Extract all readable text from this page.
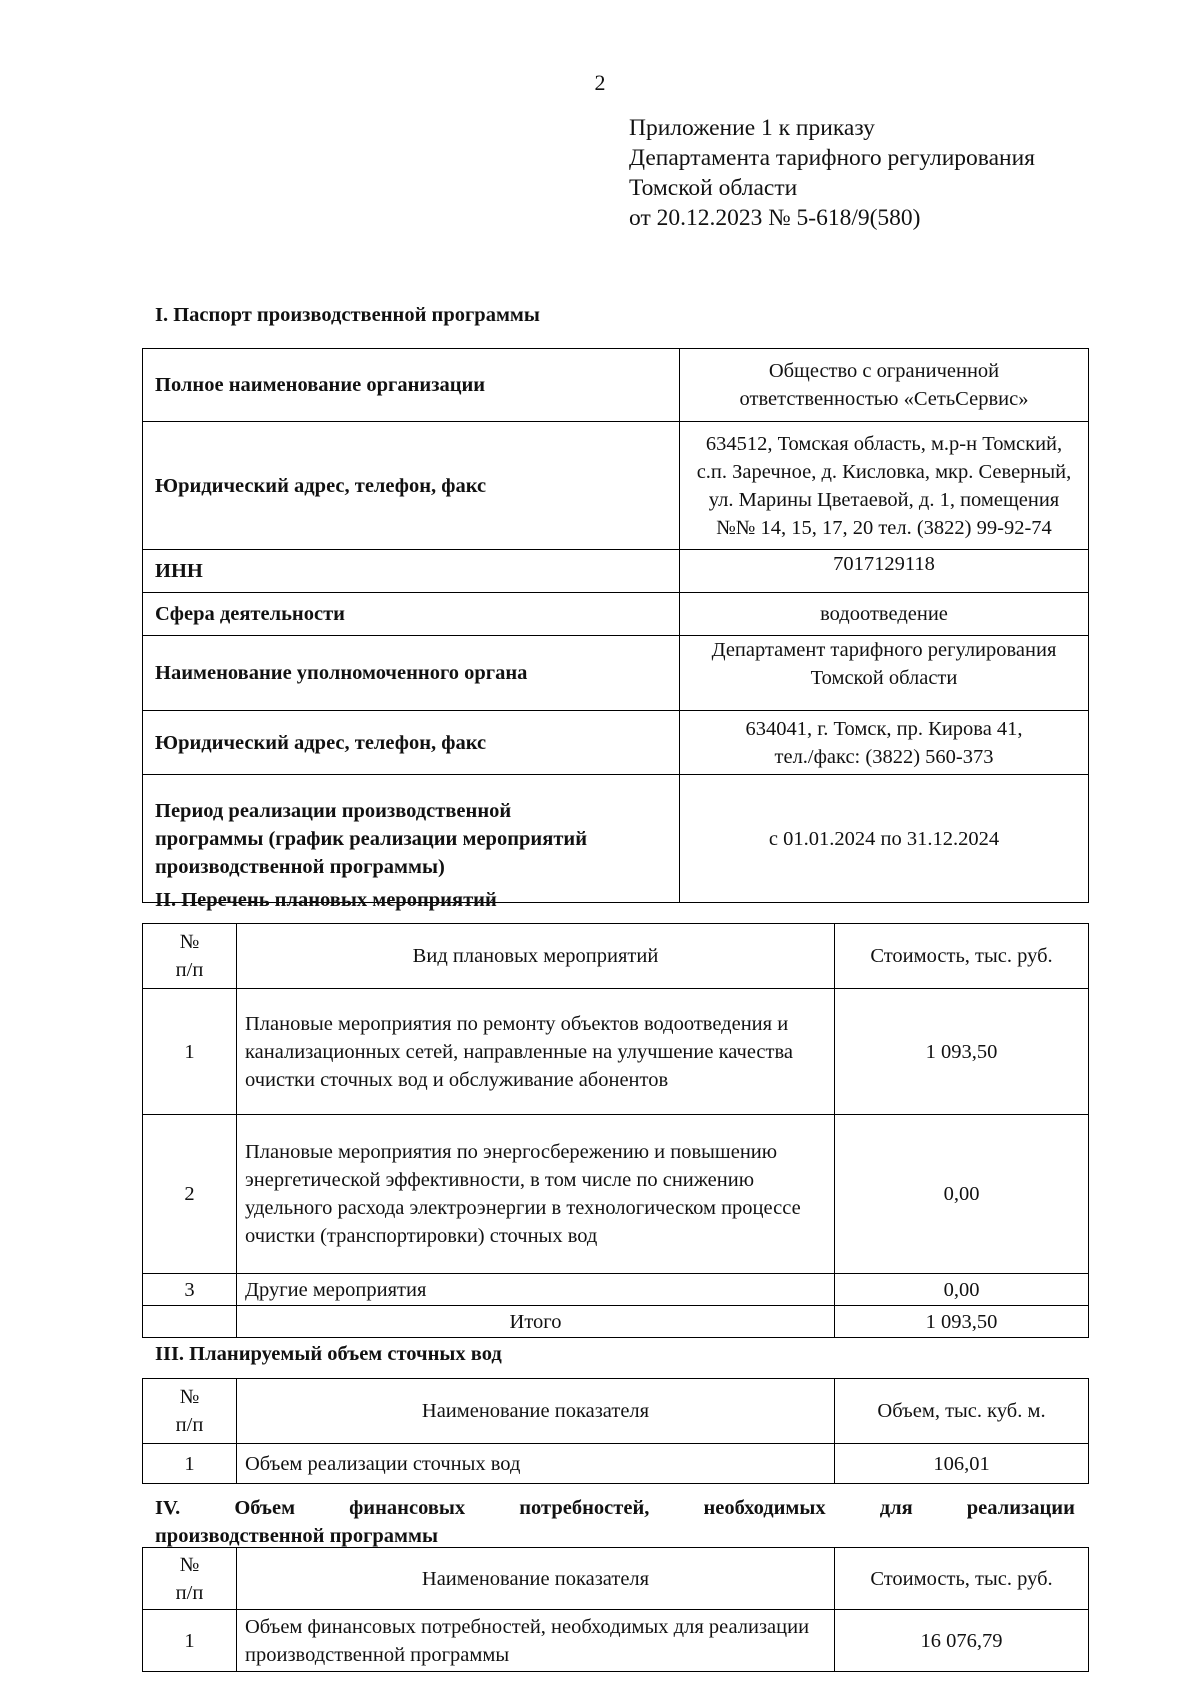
2
Приложение 1 к приказу
Департамента тарифного регулирования
Томской области
от 20.12.2023 № 5-618/9(580)
I. Паспорт производственной программы
Полное наименование организации	Общество с ограниченной
ответственностью «СетьСервис»

Юридический адрес, телефон, факс	634512, Томская область, м.р-н Томский,
с.п. Заречное, д. Кисловка, мкр. Северный,
ул. Марины Цветаевой, д. 1, помещения
№№ 14, 15, 17, 20 тел. (3822) 99-92-74

ИНН	7017129118

Сфера деятельности	водоотведение

Наименование уполномоченного органа	Департамент тарифного регулирования
Томской области

Юридический адрес, телефон, факс	634041, г. Томск, пр. Кирова 41,
тел./факс: (3822) 560-373

Период реализации производственной программы (график реализации мероприятий производственной программы)	с 01.01.2024 по 31.12.2024
II. Перечень плановых мероприятий
№ п/п	Вид плановых мероприятий	Стоимость, тыс. руб.
1	Плановые мероприятия по ремонту объектов водоотведения и канализационных сетей, направленные на улучшение качества очистки сточных вод и обслуживание абонентов	1 093,50
2	Плановые мероприятия по энергосбережению и повышению энергетической эффективности, в том числе по снижению удельного расхода электроэнергии в технологическом процессе очистки (транспортировки) сточных вод	0,00
3	Другие мероприятия	0,00
	Итого	1 093,50
III. Планируемый объем сточных вод
№ п/п	Наименование показателя	Объем, тыс. куб. м.
1	Объем реализации сточных вод	106,01
IV.	Объем	финансовых	потребностей,	необходимых	для	реализации
производственной программы
№ п/п	Наименование показателя	Стоимость, тыс. руб.
1	Объем финансовых потребностей, необходимых для реализации производственной программы	16 076,79
